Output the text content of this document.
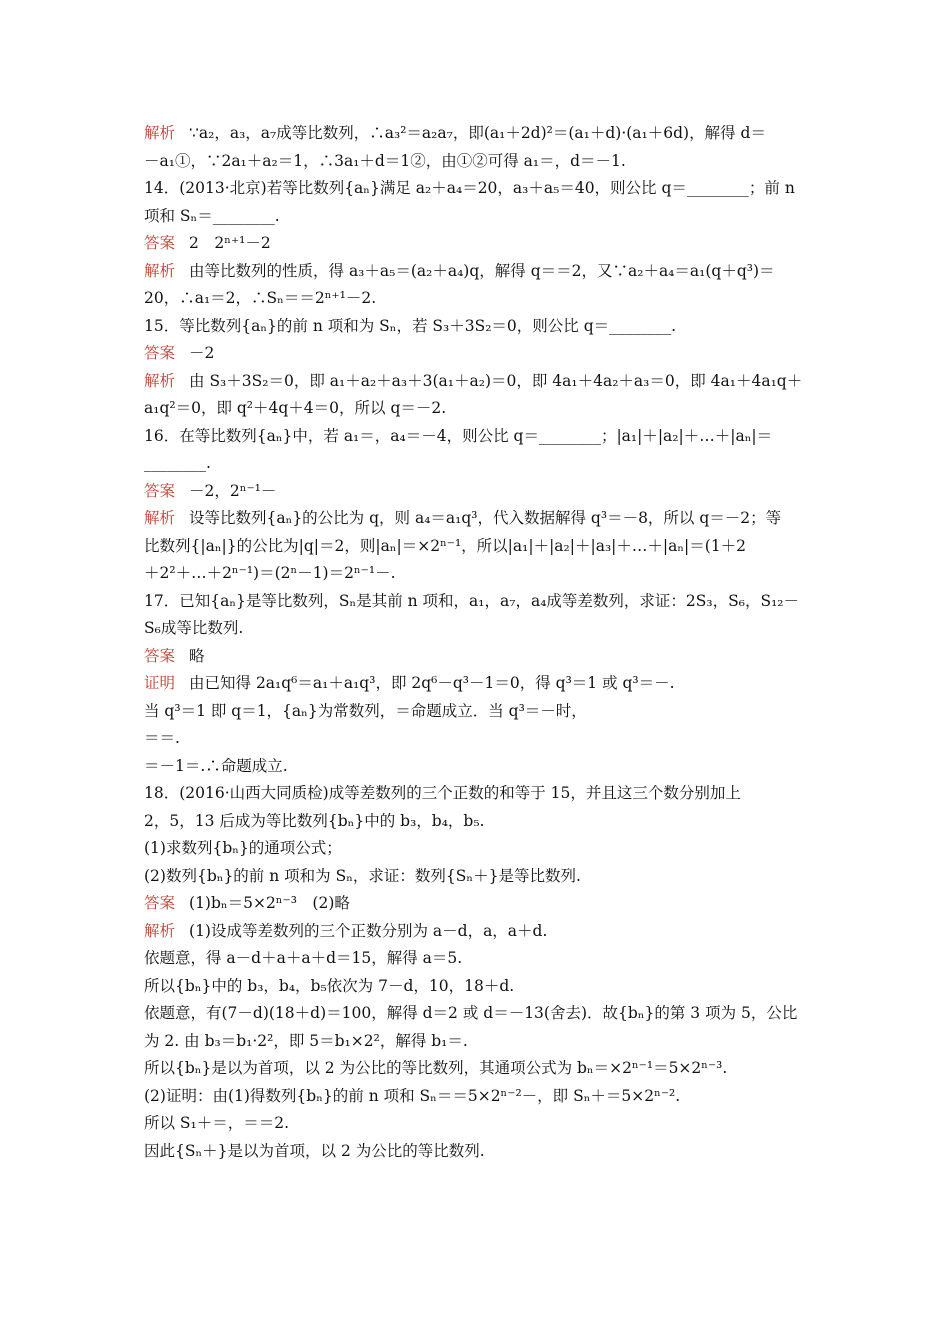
解析 ∵a₂，a₃，a₇成等比数列，∴a₃²＝a₂a₇，即(a₁＋2d)²＝(a₁＋d)·(a₁＋6d)，解得 d＝
－a₁①，∵2a₁＋a₂＝1，∴3a₁＋d＝1②，由①②可得 a₁＝，d＝－1.
14．(2013·北京)若等比数列{aₙ}满足 a₂＋a₄＝20，a₃＋a₅＝40，则公比 q＝________；前 n
项和 Sₙ＝________.
答案 2　2ⁿ⁺¹－2
解析 由等比数列的性质，得 a₃＋a₅＝(a₂＋a₄)q，解得 q＝＝2，又∵a₂＋a₄＝a₁(q＋q³)＝
20，∴a₁＝2，∴Sₙ＝＝2ⁿ⁺¹－2.
15．等比数列{aₙ}的前 n 项和为 Sₙ，若 S₃＋3S₂＝0，则公比 q＝________.
答案 －2
解析 由 S₃＋3S₂＝0，即 a₁＋a₂＋a₃＋3(a₁＋a₂)＝0，即 4a₁＋4a₂＋a₃＝0，即 4a₁＋4a₁q＋
a₁q²＝0，即 q²＋4q＋4＝0，所以 q＝－2.
16．在等比数列{aₙ}中，若 a₁＝，a₄＝－4，则公比 q＝________；|a₁|＋|a₂|＋…＋|aₙ|＝
________.
答案 －2，2ⁿ⁻¹－
解析 设等比数列{aₙ}的公比为 q，则 a₄＝a₁q³，代入数据解得 q³＝－8，所以 q＝－2；等
比数列{|aₙ|}的公比为|q|＝2，则|aₙ|＝×2ⁿ⁻¹，所以|a₁|＋|a₂|＋|a₃|＋…＋|aₙ|＝(1＋2
＋2²＋…＋2ⁿ⁻¹)＝(2ⁿ－1)＝2ⁿ⁻¹－.
17．已知{aₙ}是等比数列，Sₙ是其前 n 项和，a₁，a₇，a₄成等差数列，求证：2S₃，S₆，S₁₂－
S₆成等比数列.
答案 略
证明 由已知得 2a₁q⁶＝a₁＋a₁q³，即 2q⁶－q³－1＝0，得 q³＝1 或 q³＝－.
当 q³＝1 即 q＝1，{aₙ}为常数列，＝命题成立．当 q³＝－时，
＝＝.
＝－1＝.∴命题成立.
18．(2016·山西大同质检)成等差数列的三个正数的和等于 15，并且这三个数分别加上
2，5，13 后成为等比数列{bₙ}中的 b₃，b₄，b₅.
(1)求数列{bₙ}的通项公式；
(2)数列{bₙ}的前 n 项和为 Sₙ，求证：数列{Sₙ＋}是等比数列.
答案 (1)bₙ＝5×2ⁿ⁻³　(2)略
解析 (1)设成等差数列的三个正数分别为 a－d，a，a＋d.
依题意，得 a－d＋a＋a＋d＝15，解得 a＝5.
所以{bₙ}中的 b₃，b₄，b₅依次为 7－d，10，18＋d.
依题意，有(7－d)(18＋d)＝100，解得 d＝2 或 d＝－13(舍去)．故{bₙ}的第 3 项为 5，公比
为 2. 由 b₃＝b₁·2²，即 5＝b₁×2²，解得 b₁＝.
所以{bₙ}是以为首项，以 2 为公比的等比数列，其通项公式为 bₙ＝×2ⁿ⁻¹＝5×2ⁿ⁻³.
(2)证明：由(1)得数列{bₙ}的前 n 项和 Sₙ＝＝5×2ⁿ⁻²－，即 Sₙ＋＝5×2ⁿ⁻².
所以 S₁＋＝，＝＝2.
因此{Sₙ＋}是以为首项，以 2 为公比的等比数列.
